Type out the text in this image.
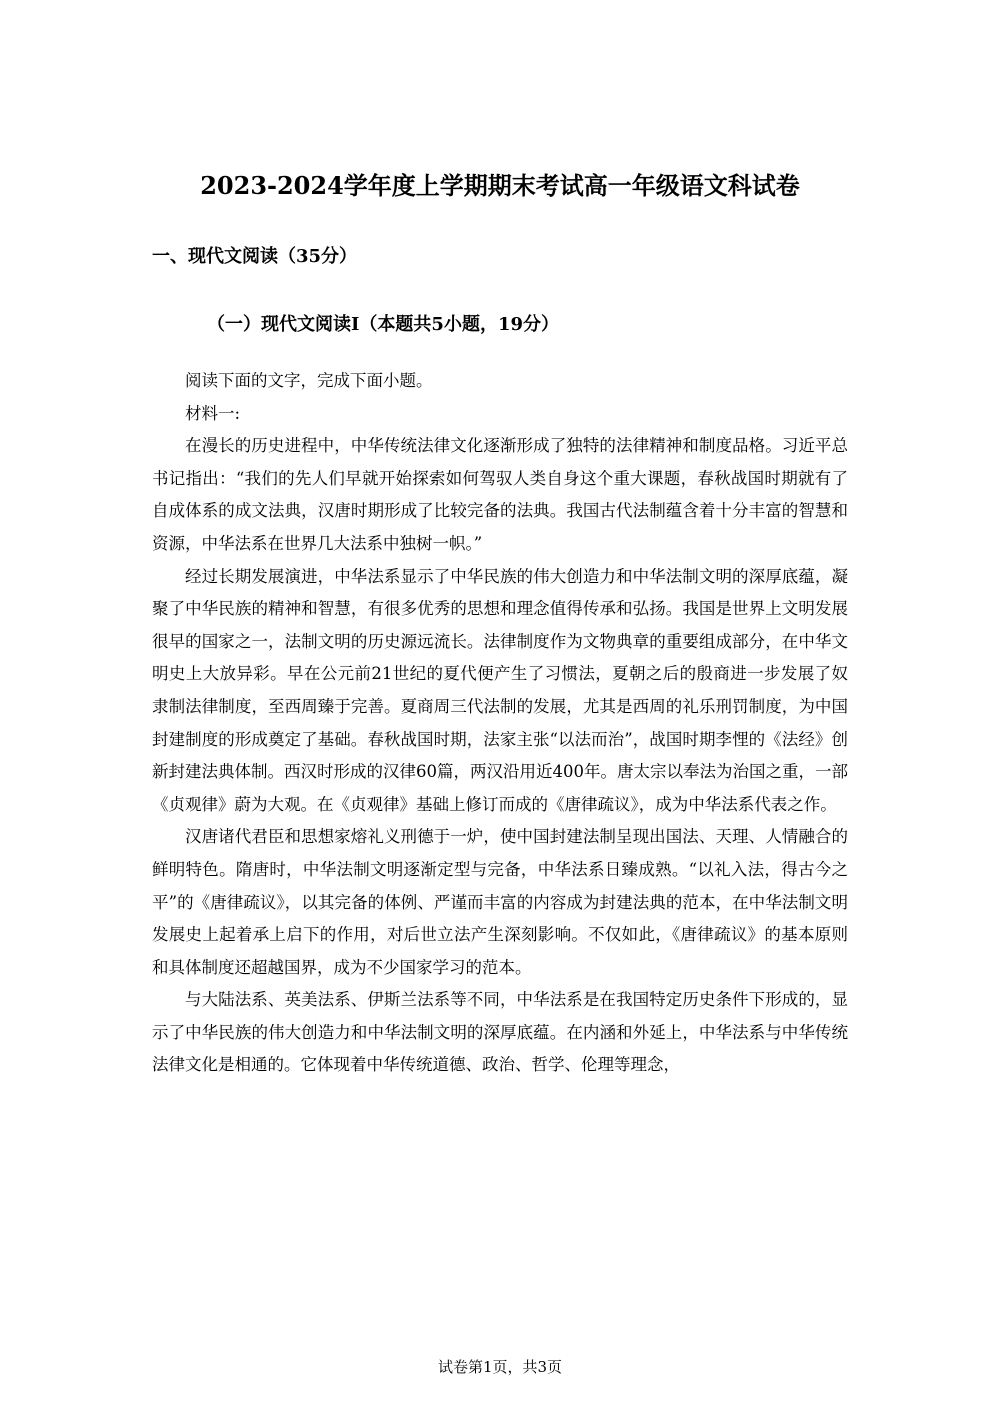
2023-2024学年度上学期期末考试高一年级语文科试卷
一、现代文阅读（35分）
（一）现代文阅读Ⅰ（本题共5小题，19分）

阅读下面的文字，完成下面小题。

材料一:

在漫长的历史进程中，中华传统法律文化逐渐形成了独特的法律精神和制度品格。习近平总书记指出：“我们的先人们早就开始探索如何驾驭人类自身这个重大课题，春秋战国时期就有了自成体系的成文法典，汉唐时期形成了比较完备的法典。我国古代法制蕴含着十分丰富的智慧和资源，中华法系在世界几大法系中独树一帜。”

经过长期发展演进，中华法系显示了中华民族的伟大创造力和中华法制文明的深厚底蕴，凝聚了中华民族的精神和智慧，有很多优秀的思想和理念值得传承和弘扬。我国是世界上文明发展很早的国家之一，法制文明的历史源远流长。法律制度作为文物典章的重要组成部分，在中华文明史上大放异彩。早在公元前21世纪的夏代便产生了习惯法，夏朝之后的殷商进一步发展了奴隶制法律制度，至西周臻于完善。夏商周三代法制的发展，尤其是西周的礼乐刑罚制度，为中国封建制度的形成奠定了基础。春秋战国时期，法家主张“以法而治”，战国时期李悝的《法经》创新封建法典体制。西汉时形成的汉律60篇，两汉沿用近400年。唐太宗以奉法为治国之重，一部《贞观律》蔚为大观。在《贞观律》基础上修订而成的《唐律疏议》，成为中华法系代表之作。

汉唐诸代君臣和思想家熔礼义刑德于一炉，使中国封建法制呈现出国法、天理、人情融合的鲜明特色。隋唐时，中华法制文明逐渐定型与完备，中华法系日臻成熟。“以礼入法，得古今之平”的《唐律疏议》，以其完备的体例、严谨而丰富的内容成为封建法典的范本，在中华法制文明发展史上起着承上启下的作用，对后世立法产生深刻影响。不仅如此，《唐律疏议》的基本原则和具体制度还超越国界，成为不少国家学习的范本。

与大陆法系、英美法系、伊斯兰法系等不同，中华法系是在我国特定历史条件下形成的，显示了中华民族的伟大创造力和中华法制文明的深厚底蕴。在内涵和外延上，中华法系与中华传统法律文化是相通的。它体现着中华传统道德、政治、哲学、伦理等理念，

试卷第1页，共3页
